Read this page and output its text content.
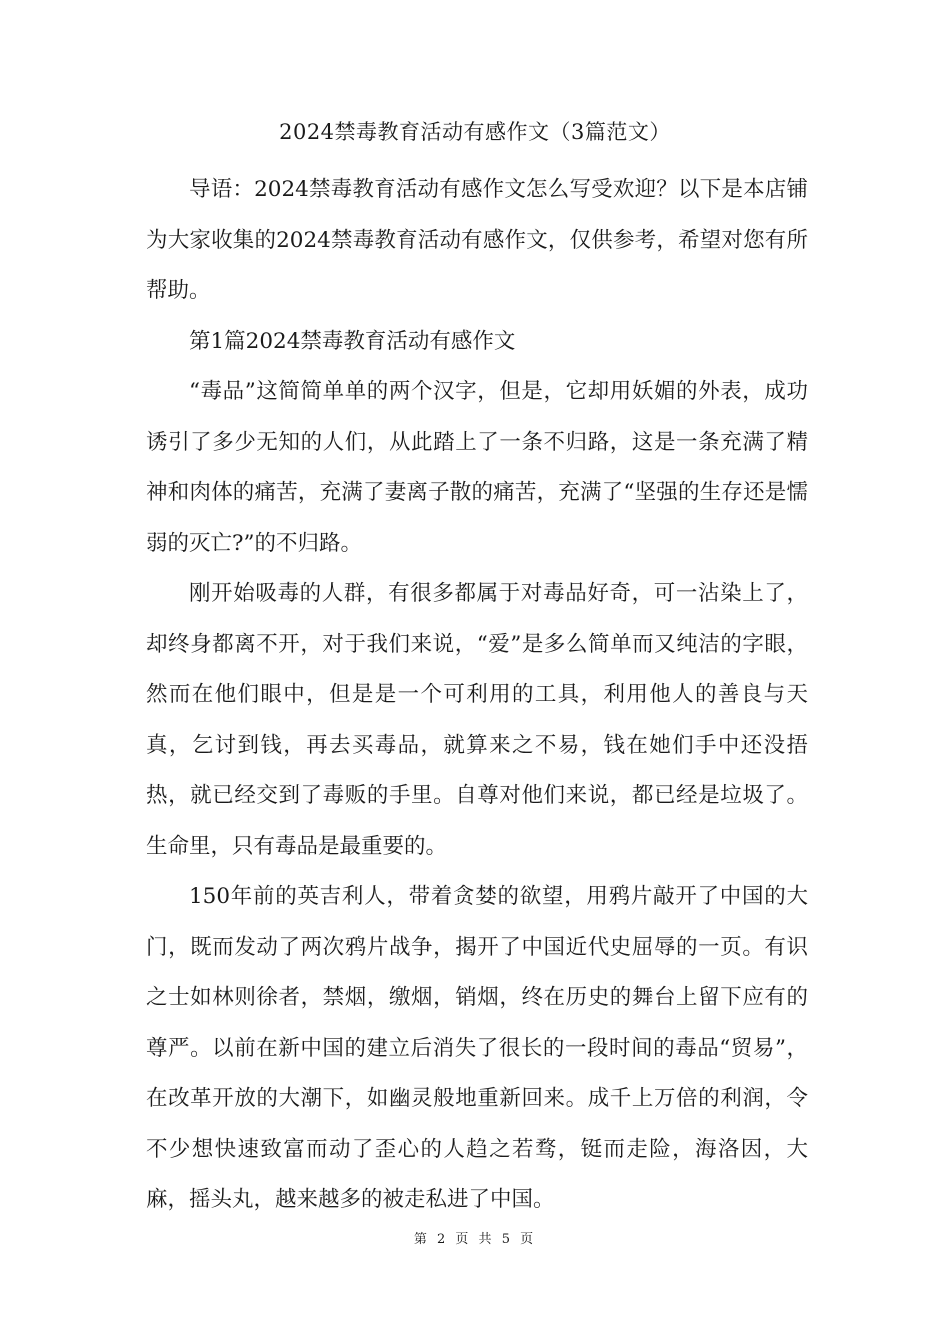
2024禁毒教育活动有感作文（3篇范文）

导语：2024禁毒教育活动有感作文怎么写受欢迎？以下是本店铺为大家收集的2024禁毒教育活动有感作文，仅供参考，希望对您有所帮助。

第1篇2024禁毒教育活动有感作文

“毒品”这简简单单的两个汉字，但是，它却用妖媚的外表，成功诱引了多少无知的人们，从此踏上了一条不归路，这是一条充满了精神和肉体的痛苦，充满了妻离子散的痛苦，充满了“坚强的生存还是懦弱的灭亡?”的不归路。

刚开始吸毒的人群，有很多都属于对毒品好奇，可一沾染上了，却终身都离不开，对于我们来说，“爱”是多么简单而又纯洁的字眼，然而在他们眼中，但是是一个可利用的工具，利用他人的善良与天真，乞讨到钱，再去买毒品，就算来之不易，钱在她们手中还没捂热，就已经交到了毒贩的手里。自尊对他们来说，都已经是垃圾了。生命里，只有毒品是最重要的。

150年前的英吉利人，带着贪婪的欲望，用鸦片敲开了中国的大门，既而发动了两次鸦片战争，揭开了中国近代史屈辱的一页。有识之士如林则徐者，禁烟，缴烟，销烟，终在历史的舞台上留下应有的尊严。以前在新中国的建立后消失了很长的一段时间的毒品“贸易”，在改革开放的大潮下，如幽灵般地重新回来。成千上万倍的利润，令不少想快速致富而动了歪心的人趋之若骛，铤而走险，海洛因，大麻，摇头丸，越来越多的被走私进了中国。

第 2 页 共 5 页
